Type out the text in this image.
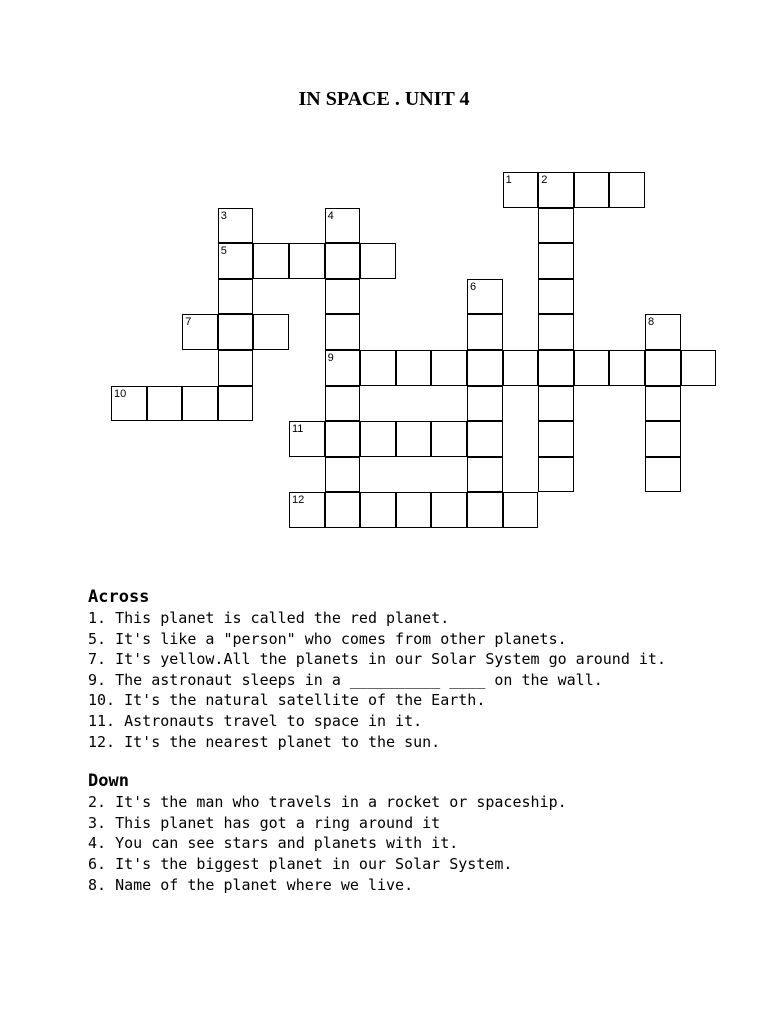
IN SPACE . UNIT 4
1	2
3	4
5
6
7	8
9
10
11
12
Across
1. This planet is called the red planet.
5. It's like a "person" who comes from other planets.
7. It's yellow.All the planets in our Solar System go around it.
9. The astronaut sleeps in a __________ ____ on the wall.
10. It's the natural satellite of the Earth.
11. Astronauts travel to space in it.
12. It's the nearest planet to the sun.
Down
2. It's the man who travels in a rocket or spaceship.
3. This planet has got a ring around it
4. You can see stars and planets with it.
6. It's the biggest planet in our Solar System.
8. Name of the planet where we live.
